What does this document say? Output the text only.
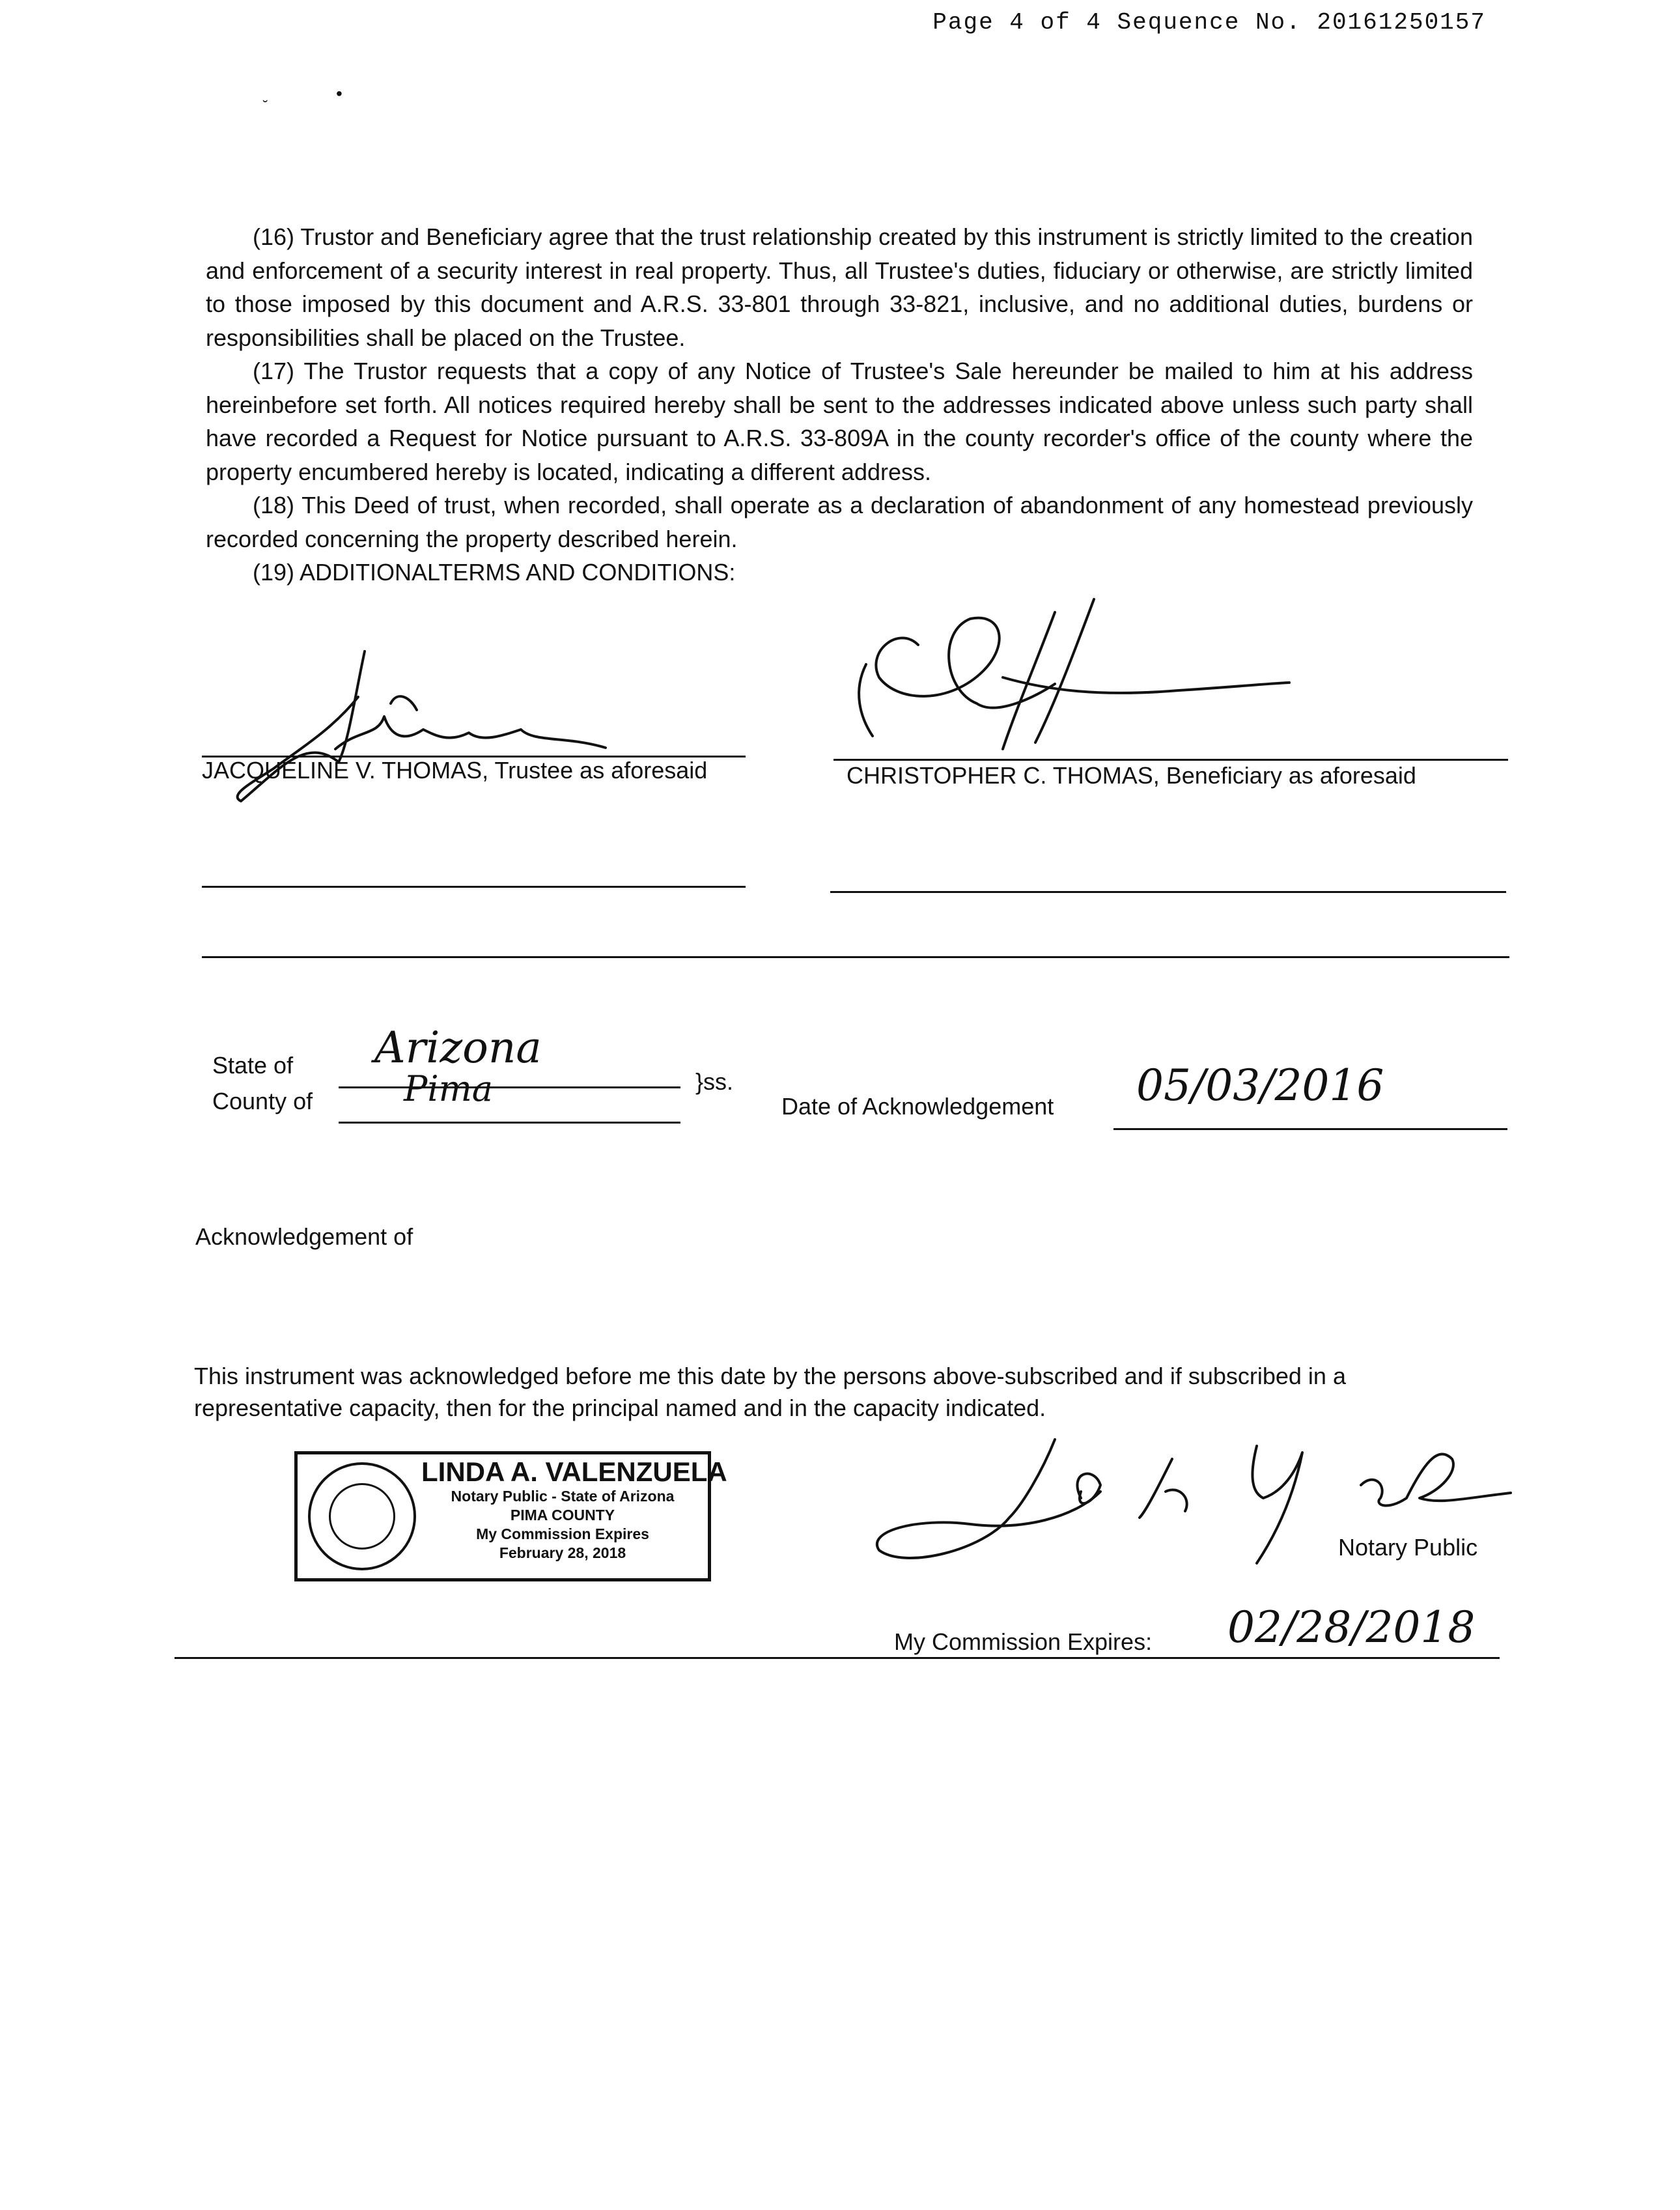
Page 4 of 4 Sequence No. 20161250157
˘
•

(16) Trustor and Beneficiary agree that the trust relationship created by this instrument is strictly limited to the creation and enforcement of a security interest in real property. Thus, all Trustee's duties, fiduciary or otherwise, are strictly limited to those imposed by this document and A.R.S. 33-801 through 33-821, inclusive, and no additional duties, burdens or responsibilities shall be placed on the Trustee.

(17) The Trustor requests that a copy of any Notice of Trustee's Sale hereunder be mailed to him at his address hereinbefore set forth. All notices required hereby shall be sent to the addresses indicated above unless such party shall have recorded a Request for Notice pursuant to A.R.S. 33-809A in the county recorder's office of the county where the property encumbered hereby is located, indicating a different address.

(18) This Deed of trust, when recorded, shall operate as a declaration of abandonment of any homestead previously recorded concerning the property described herein.

(19) ADDITIONALTERMS AND CONDITIONS:

JACQUELINE V. THOMAS, Trustee as aforesaid	CHRISTOPHER C. THOMAS, Beneficiary as aforesaid
State of
County of
Arizona
Pima	}ss.
Date of Acknowledgement 05/03/2016
Acknowledgement of
This instrument was acknowledged before me this date by the persons above-subscribed and if subscribed in a representative capacity, then for the principal named and in the capacity indicated.
LINDA A. VALENZUELA
Notary Public - State of Arizona
PIMA COUNTY
My Commission Expires
February 28, 2018	Notary Public
My Commission Expires: 02/28/2018
